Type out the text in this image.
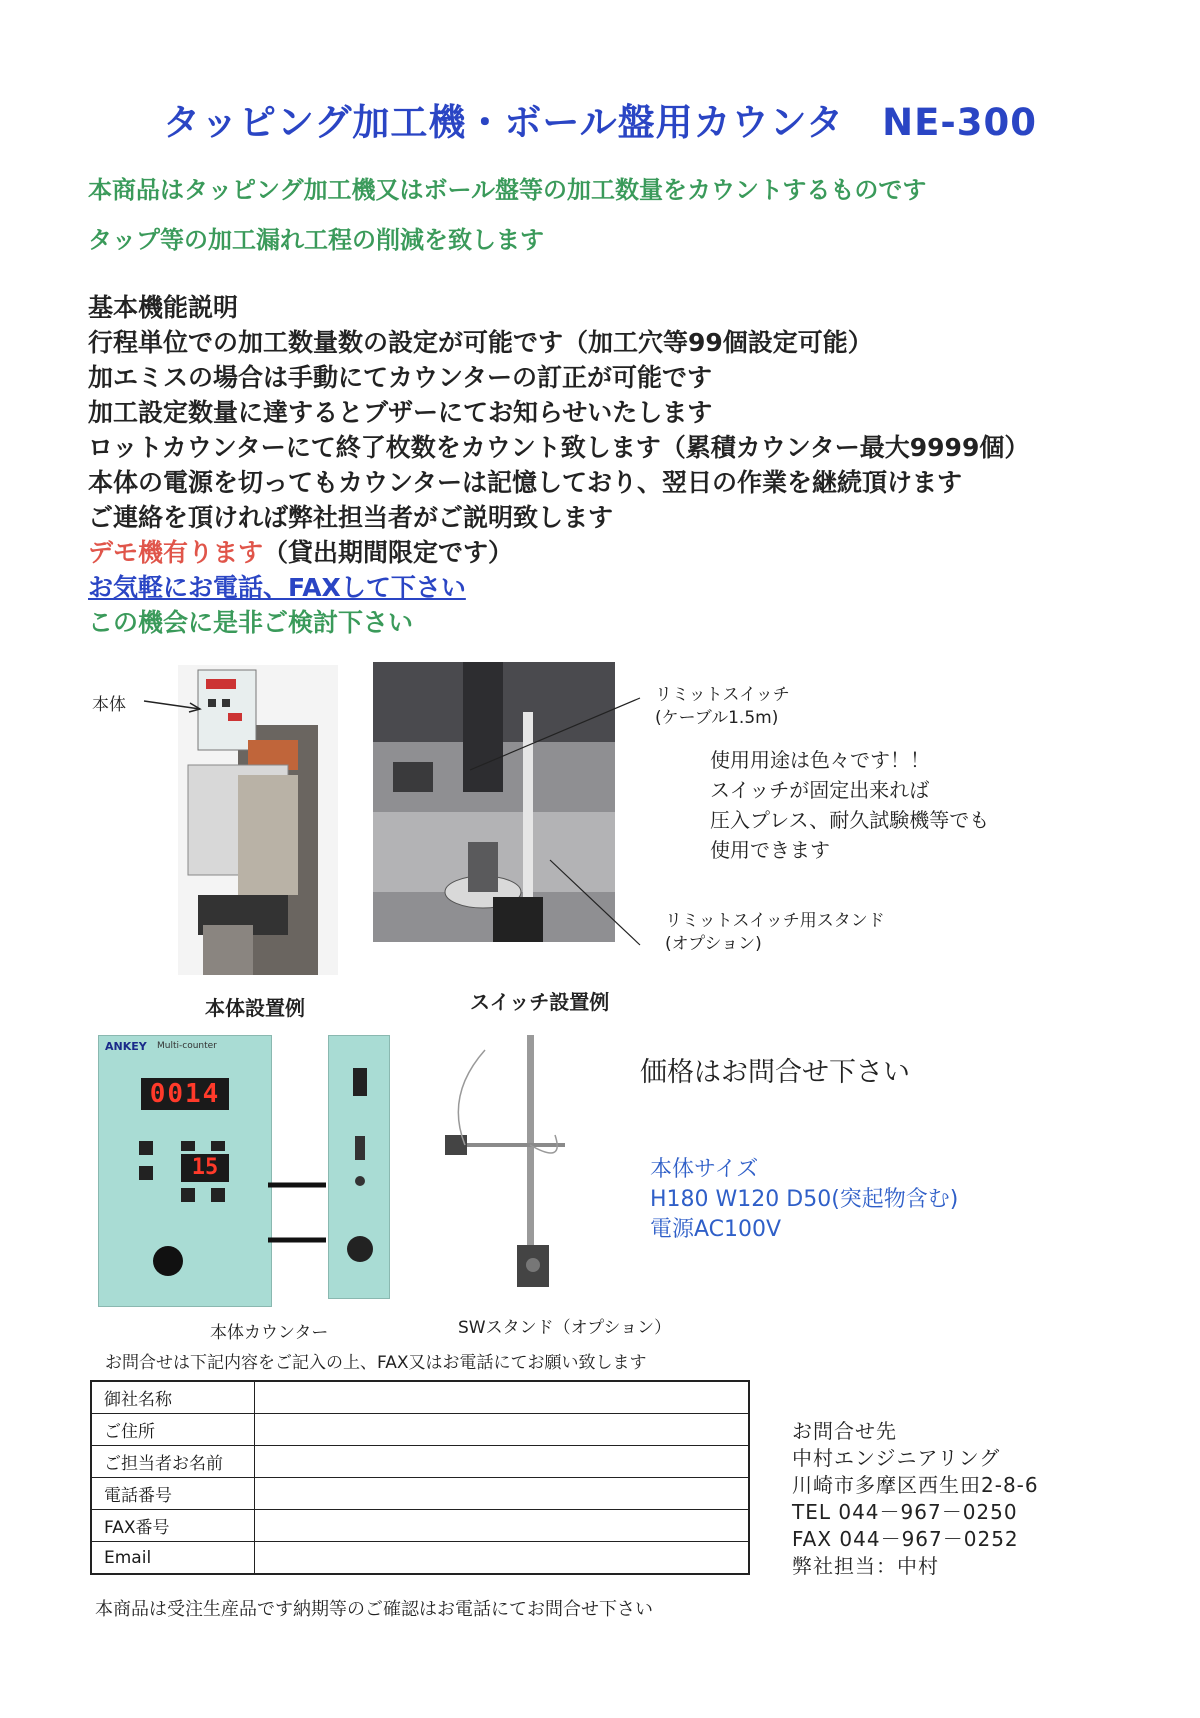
タッピング加工機・ボール盤用カウンタ　NE-300
本商品はタッピング加工機又はボール盤等の加工数量をカウントするものです
タップ等の加工漏れ工程の削減を致します
基本機能説明
行程単位での加工数量数の設定が可能です（加工穴等99個設定可能）
加エミスの場合は手動にてカウンターの訂正が可能です
加工設定数量に達するとブザーにてお知らせいたします
ロットカウンターにて終了枚数をカウント致します（累積カウンター最大9999個）
本体の電源を切ってもカウンターは記憶しており、翌日の作業を継続頂けます
ご連絡を頂ければ弊社担当者がご説明致します
デモ機有ります（貸出期間限定です）
お気軽にお電話、FAXして下さい
この機会に是非ご検討下さい
本体	リミットスイッチ
(ケーブル1.5m)
リミットスイッチ用スタンド
(オプション)
使用用途は色々です！！
スイッチが固定出来れば
圧入プレス、耐久試験機等でも
使用できます
本体設置例	スイッチ設置例
ANKEY Multi-counter
0014
15
本体カウンター	SWスタンド（オプション）
価格はお問合せ下さい
本体サイズ
H180 W120 D50(突起物含む)
電源AC100V
お問合せは下記内容をご記入の上、FAX又はお電話にてお願い致します
御社名称	
ご住所	
ご担当者お名前	
電話番号	
FAX番号	
Email	
お問合せ先
中村エンジニアリング
川崎市多摩区西生田2-8-6
TEL 044－967－0250
FAX 044－967－0252
弊社担当：中村
本商品は受注生産品です納期等のご確認はお電話にてお問合せ下さい
